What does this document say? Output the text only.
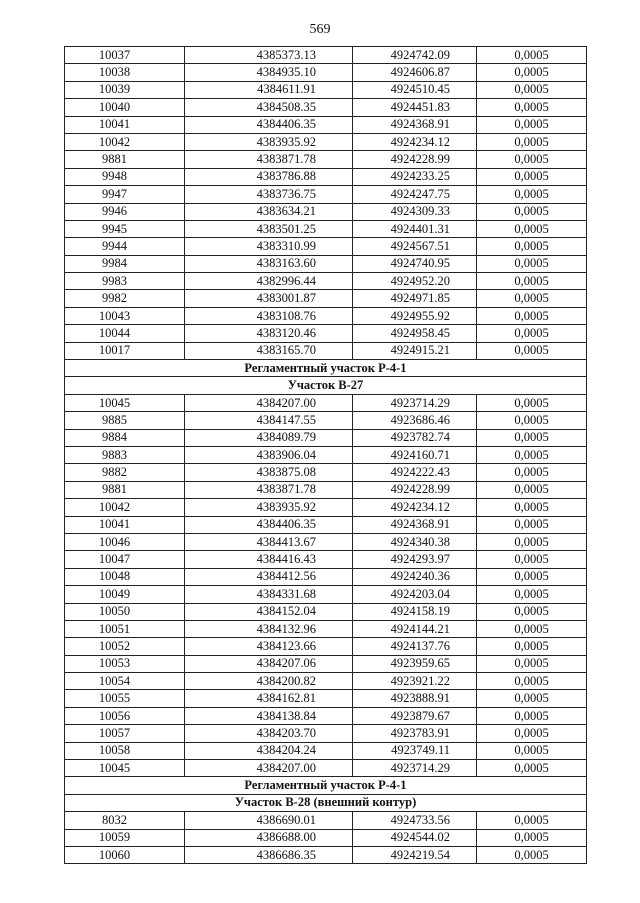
569
10037	4385373.13	4924742.09	0,0005
10038	4384935.10	4924606.87	0,0005
10039	4384611.91	4924510.45	0,0005
10040	4384508.35	4924451.83	0,0005
10041	4384406.35	4924368.91	0,0005
10042	4383935.92	4924234.12	0,0005
9881	4383871.78	4924228.99	0,0005
9948	4383786.88	4924233.25	0,0005
9947	4383736.75	4924247.75	0,0005
9946	4383634.21	4924309.33	0,0005
9945	4383501.25	4924401.31	0,0005
9944	4383310.99	4924567.51	0,0005
9984	4383163.60	4924740.95	0,0005
9983	4382996.44	4924952.20	0,0005
9982	4383001.87	4924971.85	0,0005
10043	4383108.76	4924955.92	0,0005
10044	4383120.46	4924958.45	0,0005
10017	4383165.70	4924915.21	0,0005
Регламентный участок Р-4-1			
Участок В-27			
10045	4384207.00	4923714.29	0,0005
9885	4384147.55	4923686.46	0,0005
9884	4384089.79	4923782.74	0,0005
9883	4383906.04	4924160.71	0,0005
9882	4383875.08	4924222.43	0,0005
9881	4383871.78	4924228.99	0,0005
10042	4383935.92	4924234.12	0,0005
10041	4384406.35	4924368.91	0,0005
10046	4384413.67	4924340.38	0,0005
10047	4384416.43	4924293.97	0,0005
10048	4384412.56	4924240.36	0,0005
10049	4384331.68	4924203.04	0,0005
10050	4384152.04	4924158.19	0,0005
10051	4384132.96	4924144.21	0,0005
10052	4384123.66	4924137.76	0,0005
10053	4384207.06	4923959.65	0,0005
10054	4384200.82	4923921.22	0,0005
10055	4384162.81	4923888.91	0,0005
10056	4384138.84	4923879.67	0,0005
10057	4384203.70	4923783.91	0,0005
10058	4384204.24	4923749.11	0,0005
10045	4384207.00	4923714.29	0,0005
Регламентный участок Р-4-1			
Участок В-28 (внешний контур)			
8032	4386690.01	4924733.56	0,0005
10059	4386688.00	4924544.02	0,0005
10060	4386686.35	4924219.54	0,0005
